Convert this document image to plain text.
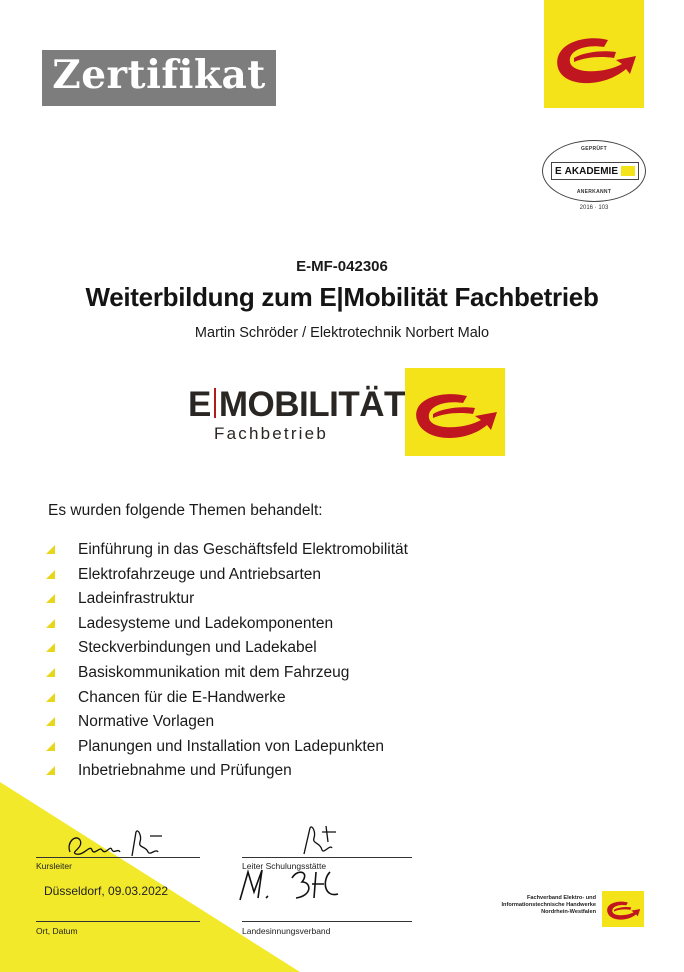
Zertifikat
GEPRÜFT
E AKADEMIE
ANERKANNT
2016 · 103
E-MF-042306
Weiterbildung zum E|Mobilität Fachbetrieb
Martin Schröder / Elektrotechnik Norbert Malo
E MOBILITÄT
Fachbetrieb
Es wurden folgende Themen behandelt:
Einführung in das Geschäftsfeld Elektromobilität
Elektrofahrzeuge und Antriebsarten
Ladeinfrastruktur
Ladesysteme und Ladekomponenten
Steckverbindungen und Ladekabel
Basiskommunikation mit dem Fahrzeug
Chancen für die E-Handwerke
Normative Vorlagen
Planungen und Installation von Ladepunkten
Inbetriebnahme und Prüfungen
Kursleiter	Leiter Schulungsstätte
Düsseldorf, 09.03.2022
Ort, Datum	Landesinnungsverband
Fachverband Elektro- und
Informationstechnische Handwerke
Nordrhein-Westfalen
